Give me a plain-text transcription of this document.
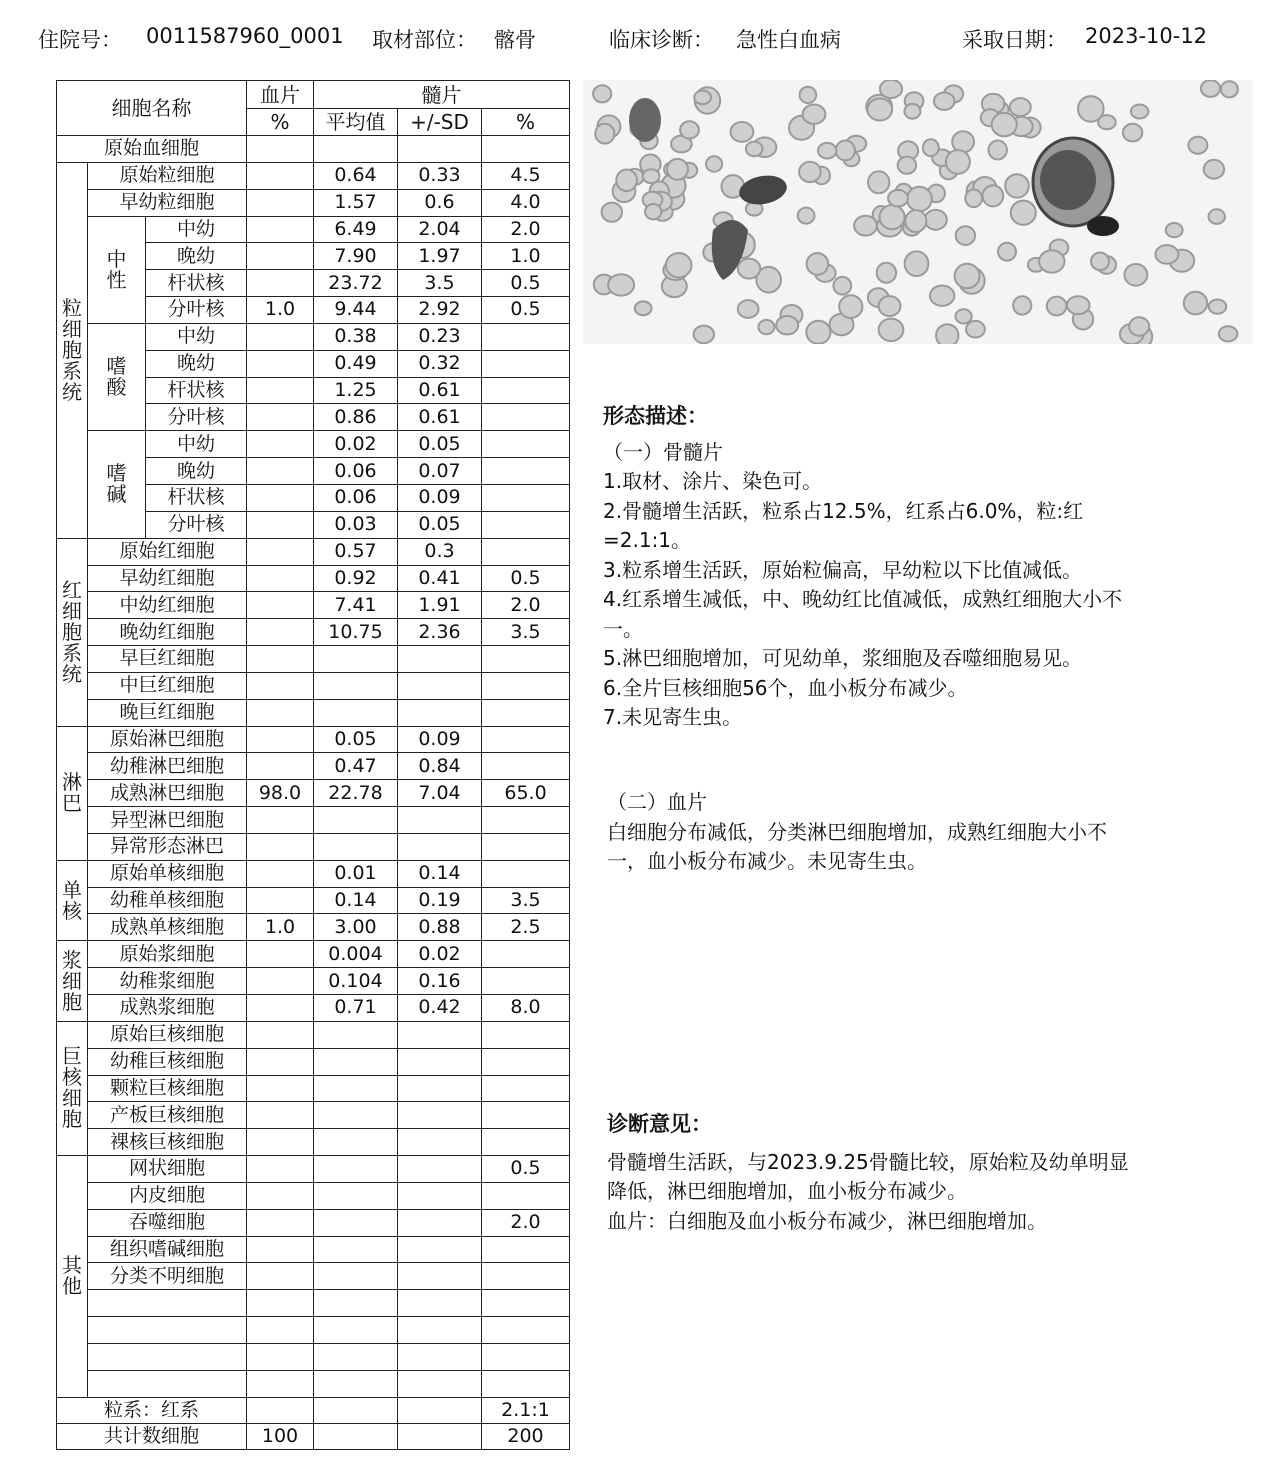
住院号： 0011587960_0001 取材部位： 髂骨	临床诊断： 急性白血病	采取日期： 2023-10-12
细胞名称			血片	髓片		
			%	平均值	+/-SD	%
原始血细胞						
粒细胞系统	原始粒细胞			0.64	0.33	4.5
	早幼粒细胞			1.57	0.6	4.0
	中性	中幼		6.49	2.04	2.0
		晚幼		7.90	1.97	1.0
		杆状核		23.72	3.5	0.5
		分叶核	1.0	9.44	2.92	0.5
	嗜酸	中幼		0.38	0.23	
		晚幼		0.49	0.32	
		杆状核		1.25	0.61	
		分叶核		0.86	0.61	
	嗜碱	中幼		0.02	0.05	
		晚幼		0.06	0.07	
		杆状核		0.06	0.09	
		分叶核		0.03	0.05	
红细胞系统	原始红细胞			0.57	0.3	
	早幼红细胞			0.92	0.41	0.5
	中幼红细胞			7.41	1.91	2.0
	晚幼红细胞			10.75	2.36	3.5
	早巨红细胞					
	中巨红细胞					
	晚巨红细胞					
淋巴	原始淋巴细胞			0.05	0.09	
	幼稚淋巴细胞			0.47	0.84	
	成熟淋巴细胞		98.0	22.78	7.04	65.0
	异型淋巴细胞					
	异常形态淋巴					
单核	原始单核细胞			0.01	0.14	
	幼稚单核细胞			0.14	0.19	3.5
	成熟单核细胞		1.0	3.00	0.88	2.5
浆细胞	原始浆细胞			0.004	0.02	
	幼稚浆细胞			0.104	0.16	
	成熟浆细胞			0.71	0.42	8.0
巨核细胞	原始巨核细胞					
	幼稚巨核细胞					
	颗粒巨核细胞					
	产板巨核细胞					
	裸核巨核细胞					
其他	网状细胞					0.5
	内皮细胞					
	吞噬细胞					2.0
	组织嗜碱细胞					
	分类不明细胞					

粒系：红系						2.1:1
共计数细胞			100			200
形态描述：
（一）骨髓片
1.取材、涂片、染色可。
2.骨髓增生活跃，粒系占12.5%，红系占6.0%，粒:红
=2.1:1。
3.粒系增生活跃，原始粒偏高，早幼粒以下比值减低。
4.红系增生减低，中、晚幼红比值减低，成熟红细胞大小不
一。
5.淋巴细胞增加，可见幼单，浆细胞及吞噬细胞易见。
6.全片巨核细胞56个，血小板分布减少。
7.未见寄生虫。
（二）血片
白细胞分布减低，分类淋巴细胞增加，成熟红细胞大小不
一，血小板分布减少。未见寄生虫。
诊断意见：
骨髓增生活跃，与2023.9.25骨髓比较，原始粒及幼单明显
降低，淋巴细胞增加，血小板分布减少。
血片：白细胞及血小板分布减少，淋巴细胞增加。
